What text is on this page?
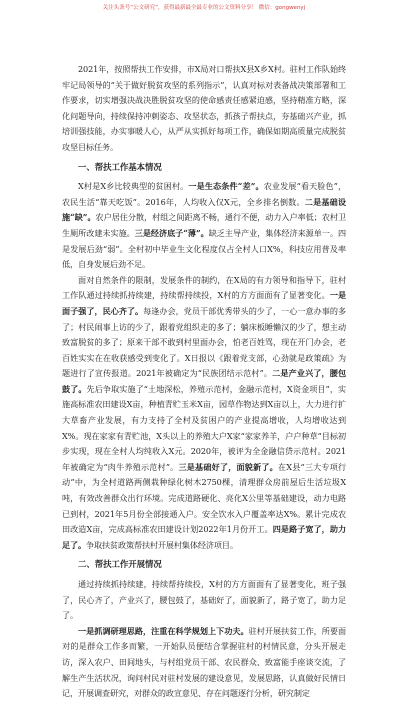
关注头条号“公文研究”，获得最新最全最专业的公文资料分享！ 微信：gongwenyj

2021年，按照帮扶工作安排，市X局对口帮扶X县X乡X村。驻村工作队始终牢记局领导的“关于做好脱贫攻坚的系列指示”，认真对标对表备战决策部署和工作要求，切实增强决战决胜脱贫攻坚的使命感责任感紧迫感，坚持精准方略，深化问题导向，持续保持冲刺姿态、攻坚状态，抓孩子帮扶点，夯基础兴产业，抓培训强技能，办实事暖人心，从严从实抓好每项工作，确保如期高质量完成脱贫攻坚目标任务。

一、帮扶工作基本情况

X村是X乡比较典型的贫困村。一是生态条件“差”。农业发展“看天脸色”，农民生活“靠天吃饭”。2016年，人均收入仅X元，全乡排名倒数。二是基础设施“缺”。农户居住分散，村组之间距离不畅，通行不便，动力入户率低；农村卫生厕所改建未实施。三是经济底子“薄”。缺乏主导产业，集体经济来源单一。四是发展后劲“弱”。全村初中毕业生文化程度仅占全村人口X%，科技应用普及率低，自身发展后劲不足。

面对自然条件的限制，发展条件的制约，在X局的有力领导和指导下，驻村工作队通过持续抓持续建，持续帮持续投，X村的方方面面有了显著变化。一是面子强了，民心齐了。每逢办会，党员干部优秀带头的少了，一心一意办事的多了；村民闹事上访的少了，跟着党组织走的多了；躺床板睡懒汉的少了，想主动致富脱贫的多了；原来干部不敢到村里面办会，怕老百姓骂，现在开门办会，老百姓实实在在收获感受到变化了。X日报以《跟着党支部，心劲就是政策疏》为题进行了宣传报道。2021年被确定为“民族团结示范村”。二是产业兴了，腰包鼓了。先后争取实施了“土地深松，养殖示范村，金融示范村，X资金项目”，实施高标准农田建设X亩，种植青贮玉米X亩，园草作物达到X亩以上，大力进行扩大草畜产业发展，有力支持了全村及贫困户的产业提高增收，人均增收达到X%。现在家家有青贮池，X头以上的养殖大户X家“家家养羊，户户种草”目标初步实现，现在全村人均纯收入X元。2020年，被评为全金融信贷示范村。2021年被确定为“肉牛养殖示范村”。三是基础好了，面貌新了。在X县“三大专项行动”中，为全村道路两侧栽种绿化树木2750棵，清理群众房前屋后生活垃圾X吨，有效改善群众出行环境。完成道路硬化、亮化X公里等基础建设，动力电路已到村，2021年5月份全部接通入户。安全饮水入户覆盖率达X%。累计完成农田改造X亩，完成高标准农田建设计划2022年1月份开工。四是路子宽了，助力足了。争取扶贫政策帮扶村开展村集体经济项目。

二、帮扶工作开展情况

通过持续抓持续建，持续帮持续投，X村的方方面面有了显著变化，班子强了，民心齐了，产业兴了，腰包鼓了，基础好了，面貌新了，路子宽了，助力足了。

一是抓调研理思路，注重在科学规划上下功夫。驻村开展扶贫工作，所要面对的是群众工作多而繁，一开始队员便结合掌握驻村的村情民意，分头开展走访，深入农户、田间地头，与村组党员干部、农民群众、致富能手座谈交流，了解生产生活状况，询问村民对驻村发展的建设意见，发展思路，认真做好民情日记，开展调查研究，对群众的政宣意见、存在问题逐行分析，研究制定
